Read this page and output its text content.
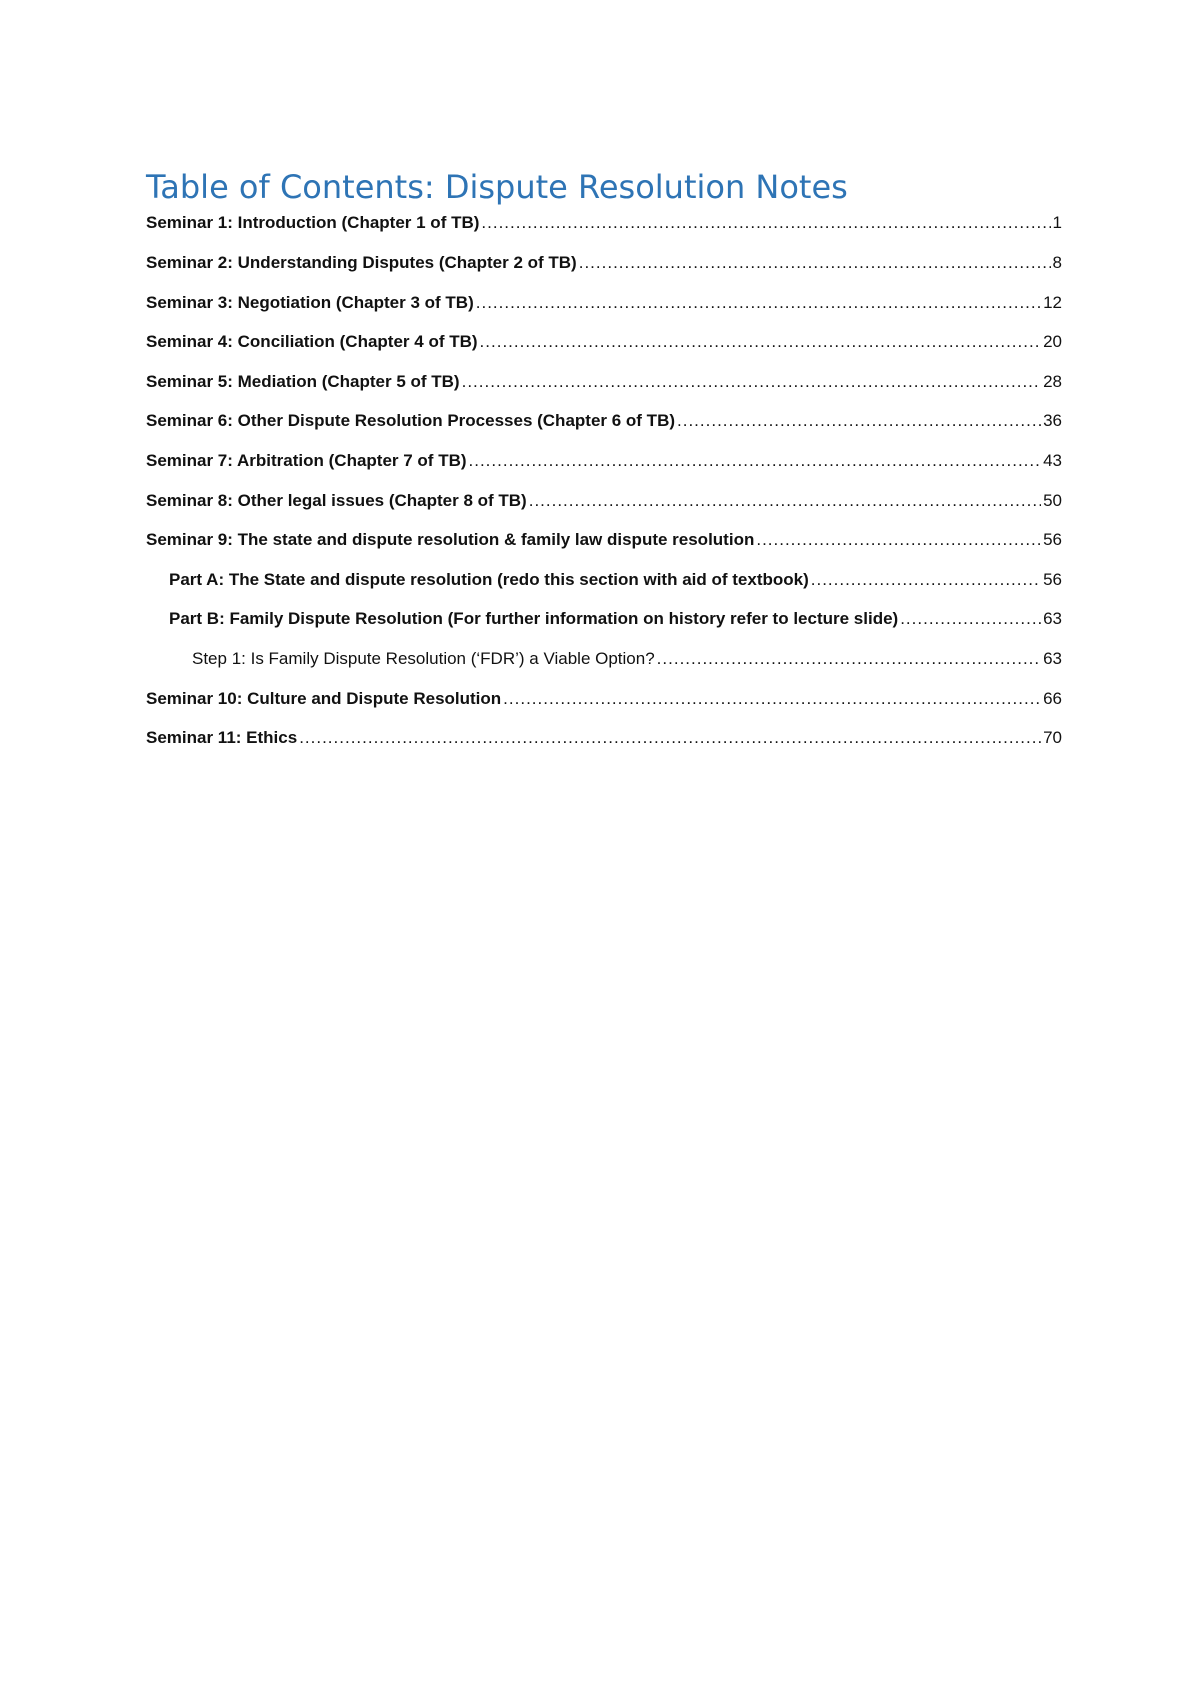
Table of Contents: Dispute Resolution Notes
Seminar 1: Introduction (Chapter 1 of TB) .....	1
Seminar 2: Understanding Disputes (Chapter 2 of TB) .....	8
Seminar 3: Negotiation (Chapter 3 of TB) .....	12
Seminar 4: Conciliation (Chapter 4 of TB) .....	20
Seminar 5: Mediation (Chapter 5 of TB) .....	28
Seminar 6: Other Dispute Resolution Processes (Chapter 6 of TB) .....	36
Seminar 7: Arbitration (Chapter 7 of TB) .....	43
Seminar 8: Other legal issues (Chapter 8 of TB) .....	50
Seminar 9: The state and dispute resolution & family law dispute resolution .....	56
Part A: The State and dispute resolution (redo this section with aid of textbook) .....	56
Part B: Family Dispute Resolution (For further information on history refer to lecture slide) .....	63
Step 1: Is Family Dispute Resolution (‘FDR’) a Viable Option? .....	63
Seminar 10: Culture and Dispute Resolution .....	66
Seminar 11: Ethics .....	70
